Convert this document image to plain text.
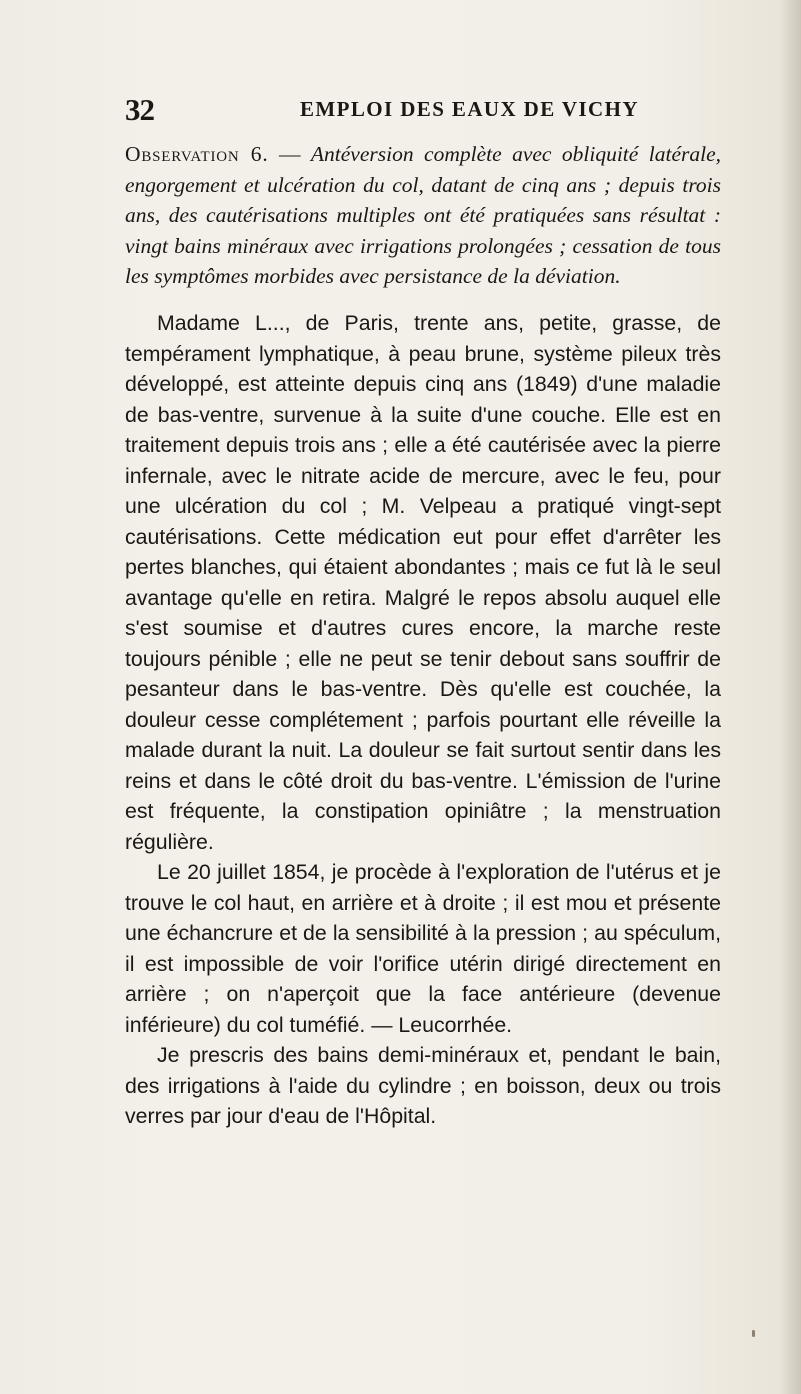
32	EMPLOI DES EAUX DE VICHY
Observation 6. — Antéversion complète avec obliquité latérale, engorgement et ulcération du col, datant de cinq ans ; depuis trois ans, des cautérisations multiples ont été pratiquées sans résultat : vingt bains minéraux avec irrigations prolongées ; cessation de tous les symptômes morbides avec persistance de la déviation.

Madame L..., de Paris, trente ans, petite, grasse, de tempérament lymphatique, à peau brune, système pileux très développé, est atteinte depuis cinq ans (1849) d'une maladie de bas-ventre, survenue à la suite d'une couche. Elle est en traitement depuis trois ans ; elle a été cautérisée avec la pierre infernale, avec le nitrate acide de mercure, avec le feu, pour une ulcération du col ; M. Velpeau a pratiqué vingt-sept cautérisations. Cette médication eut pour effet d'arrêter les pertes blanches, qui étaient abondantes ; mais ce fut là le seul avantage qu'elle en retira. Malgré le repos absolu auquel elle s'est soumise et d'autres cures encore, la marche reste toujours pénible ; elle ne peut se tenir debout sans souffrir de pesanteur dans le bas-ventre. Dès qu'elle est couchée, la douleur cesse complétement ; parfois pourtant elle réveille la malade durant la nuit. La douleur se fait surtout sentir dans les reins et dans le côté droit du bas-ventre. L'émission de l'urine est fréquente, la constipation opiniâtre ; la menstruation régulière.

Le 20 juillet 1854, je procède à l'exploration de l'utérus et je trouve le col haut, en arrière et à droite ; il est mou et présente une échancrure et de la sensibilité à la pression ; au spéculum, il est impossible de voir l'orifice utérin dirigé directement en arrière ; on n'aperçoit que la face antérieure (devenue inférieure) du col tuméfié. — Leucorrhée.

Je prescris des bains demi-minéraux et, pendant le bain, des irrigations à l'aide du cylindre ; en boisson, deux ou trois verres par jour d'eau de l'Hôpital.
